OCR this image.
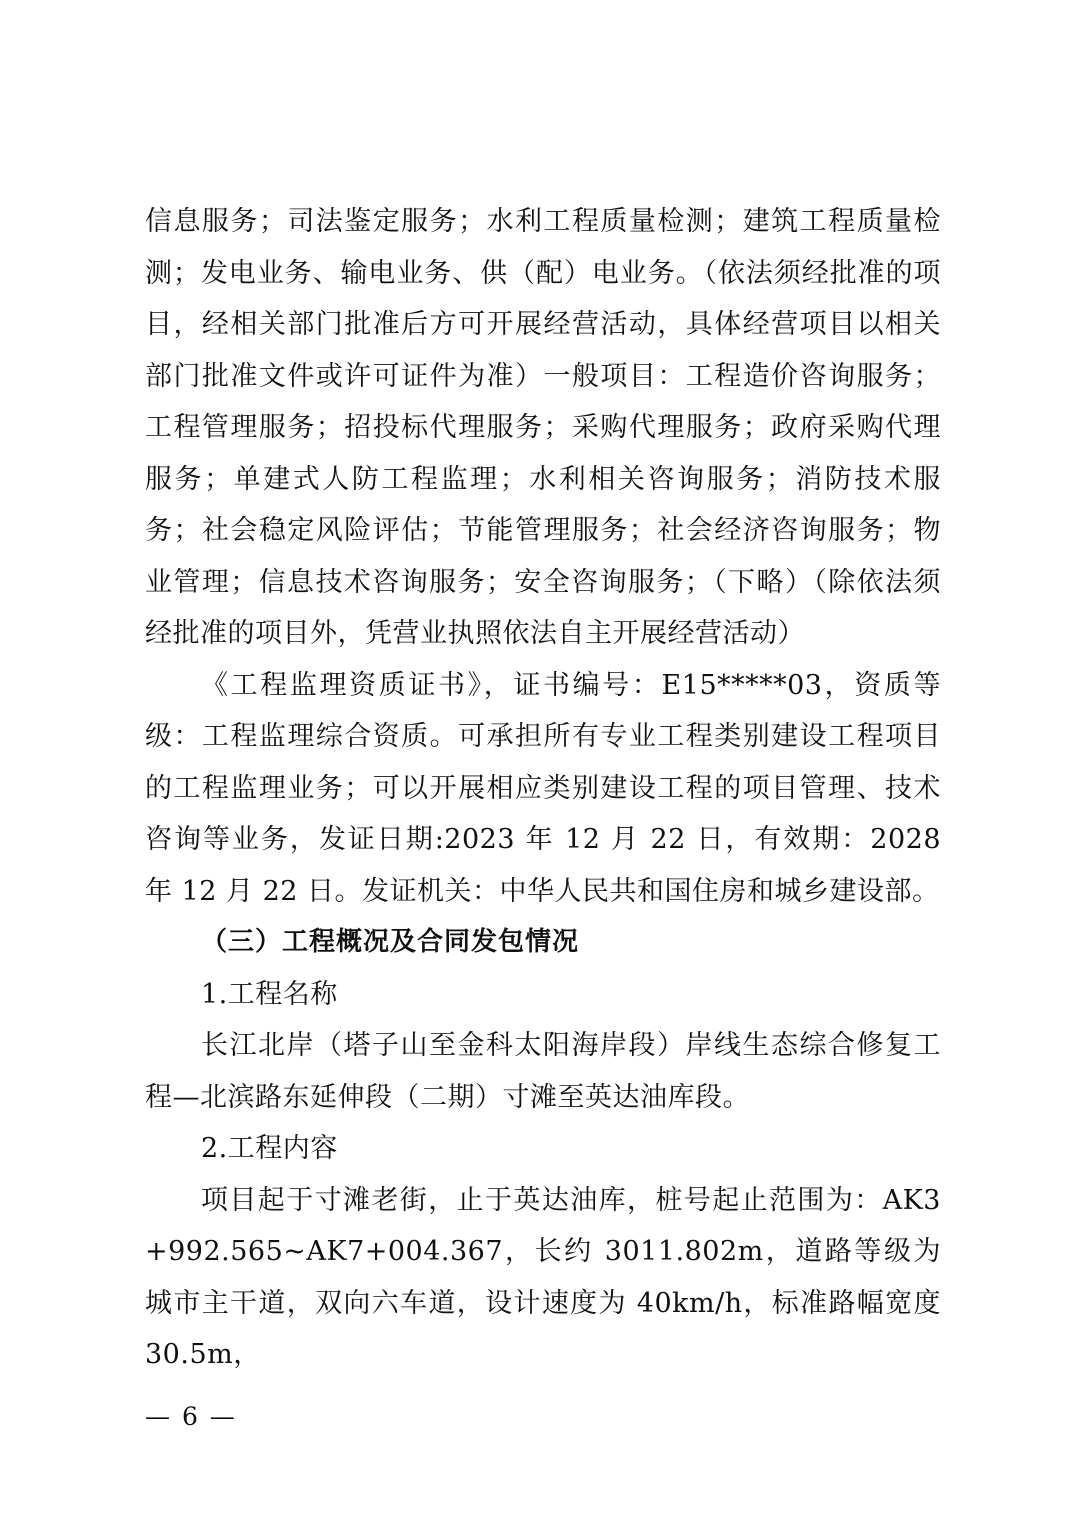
信息服务；司法鉴定服务；水利工程质量检测；建筑工程质量检测；发电业务、输电业务、供（配）电业务。（依法须经批准的项目，经相关部门批准后方可开展经营活动，具体经营项目以相关部门批准文件或许可证件为准）一般项目：工程造价咨询服务；工程管理服务；招投标代理服务；采购代理服务；政府采购代理服务；单建式人防工程监理；水利相关咨询服务；消防技术服务；社会稳定风险评估；节能管理服务；社会经济咨询服务；物业管理；信息技术咨询服务；安全咨询服务；（下略）（除依法须经批准的项目外，凭营业执照依法自主开展经营活动）

《工程监理资质证书》，证书编号：E15*****03，资质等级：工程监理综合资质。可承担所有专业工程类别建设工程项目的工程监理业务；可以开展相应类别建设工程的项目管理、技术咨询等业务，发证日期:2023 年 12 月 22 日，有效期：2028 年 12 月 22 日。发证机关：中华人民共和国住房和城乡建设部。

（三）工程概况及合同发包情况

1.工程名称

长江北岸（塔子山至金科太阳海岸段）岸线生态综合修复工程—北滨路东延伸段（二期）寸滩至英达油库段。

2.工程内容

项目起于寸滩老街，止于英达油库，桩号起止范围为：AK3+992.565~AK7+004.367，长约 3011.802m，道路等级为城市主干道，双向六车道，设计速度为 40km/h，标准路幅宽度 30.5m，

— 6 —
